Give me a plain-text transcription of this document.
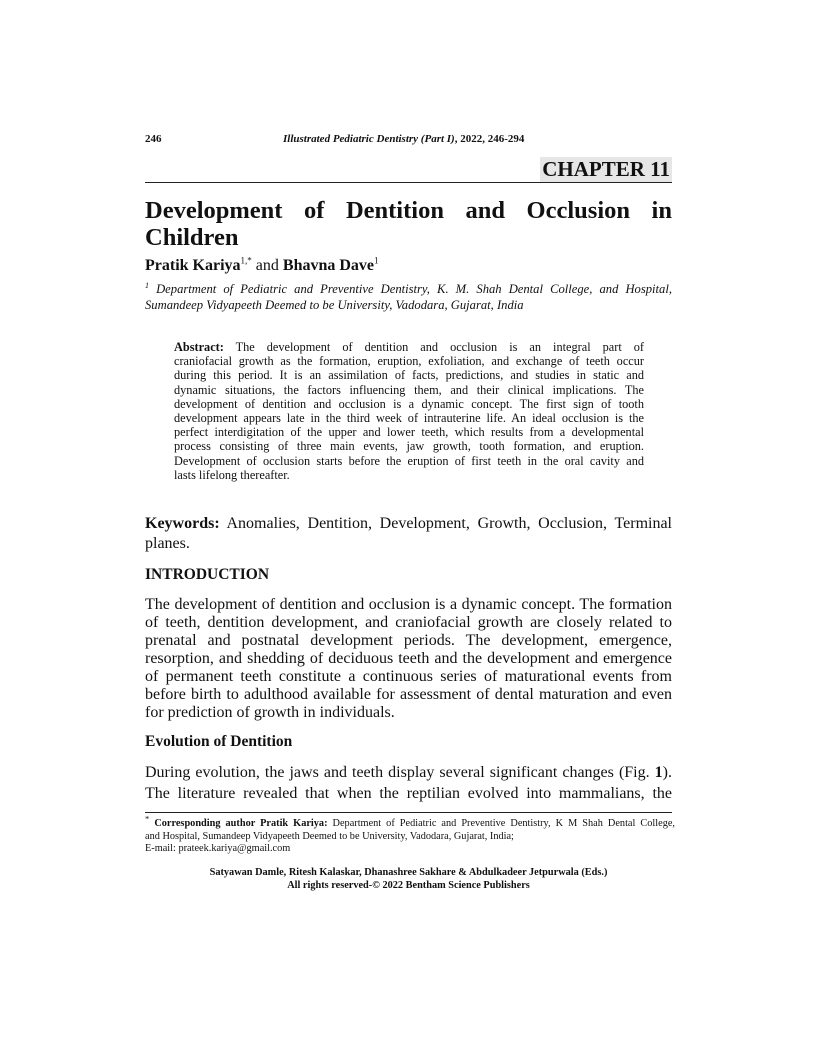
246	Illustrated Pediatric Dentistry (Part I), 2022, 246-294
CHAPTER 11
Development of Dentition and Occlusion in
Children
Pratik Kariya$^{1,*}$ and Bhavna Dave$^1$
$^1$ Department of Pediatric and Preventive Dentistry, K. M. Shah Dental College, and Hospital,
Sumandeep Vidyapeeth Deemed to be University, Vadodara, Gujarat, India
Abstract: The development of dentition and occlusion is an integral part of
craniofacial growth as the formation, eruption, exfoliation, and exchange of teeth occur
during this period. It is an assimilation of facts, predictions, and studies in static and
dynamic situations, the factors influencing them, and their clinical implications. The
development of dentition and occlusion is a dynamic concept. The first sign of tooth
development appears late in the third week of intrauterine life. An ideal occlusion is the
perfect interdigitation of the upper and lower teeth, which results from a developmental
process consisting of three main events, jaw growth, tooth formation, and eruption.
Development of occlusion starts before the eruption of first teeth in the oral cavity and
lasts lifelong thereafter.
Keywords: Anomalies, Dentition, Development, Growth, Occlusion, Terminal
planes.
INTRODUCTION
The development of dentition and occlusion is a dynamic concept. The formation
of teeth, dentition development, and craniofacial growth are closely related to
prenatal and postnatal development periods. The development, emergence,
resorption, and shedding of deciduous teeth and the development and emergence
of permanent teeth constitute a continuous series of maturational events from
before birth to adulthood available for assessment of dental maturation and even
for prediction of growth in individuals.
Evolution of Dentition
During evolution, the jaws and teeth display several significant changes (Fig. 1).
The literature revealed that when the reptilian evolved into mammalians, the
* Corresponding author Pratik Kariya: Department of Pediatric and Preventive Dentistry, K M Shah Dental College,
and Hospital, Sumandeep Vidyapeeth Deemed to be University, Vadodara, Gujarat, India;
E-mail: prateek.kariya@gmail.com
Satyawan Damle, Ritesh Kalaskar, Dhanashree Sakhare & Abdulkadeer Jetpurwala (Eds.)
All rights reserved-© 2022 Bentham Science Publishers
